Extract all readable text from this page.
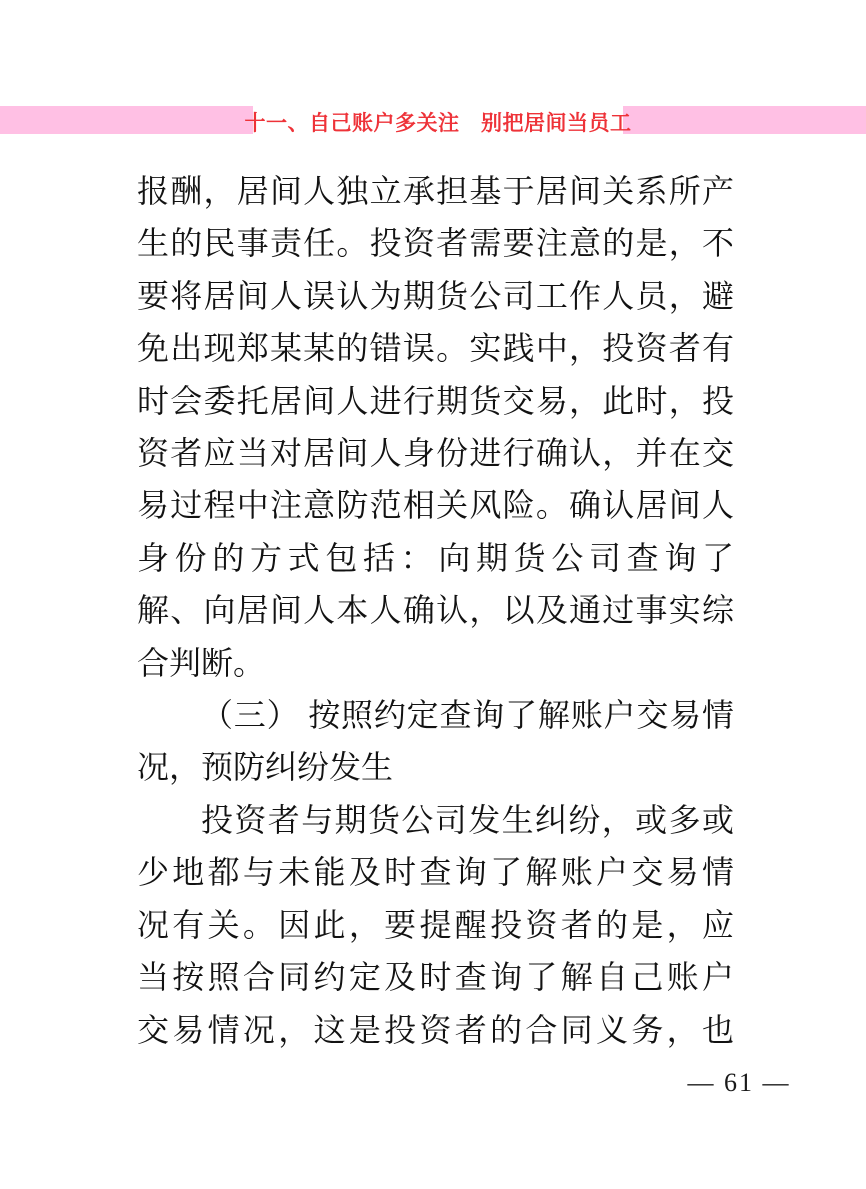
十一、自己账户多关注　别把居间当员工
报酬，居间人独立承担基于居间关系所产
生的民事责任。投资者需要注意的是，不
要将居间人误认为期货公司工作人员，避
免出现郑某某的错误。实践中，投资者有
时会委托居间人进行期货交易，此时，投
资者应当对居间人身份进行确认，并在交
易过程中注意防范相关风险。确认居间人
身份的方式包括：向期货公司查询了
解、向居间人本人确认，以及通过事实综
合判断。
（三） 按照约定查询了解账户交易情
况，预防纠纷发生
投资者与期货公司发生纠纷，或多或
少地都与未能及时查询了解账户交易情
况有关。因此，要提醒投资者的是，应
当按照合同约定及时查询了解自己账户
交易情况，这是投资者的合同义务，也
— 61 —
